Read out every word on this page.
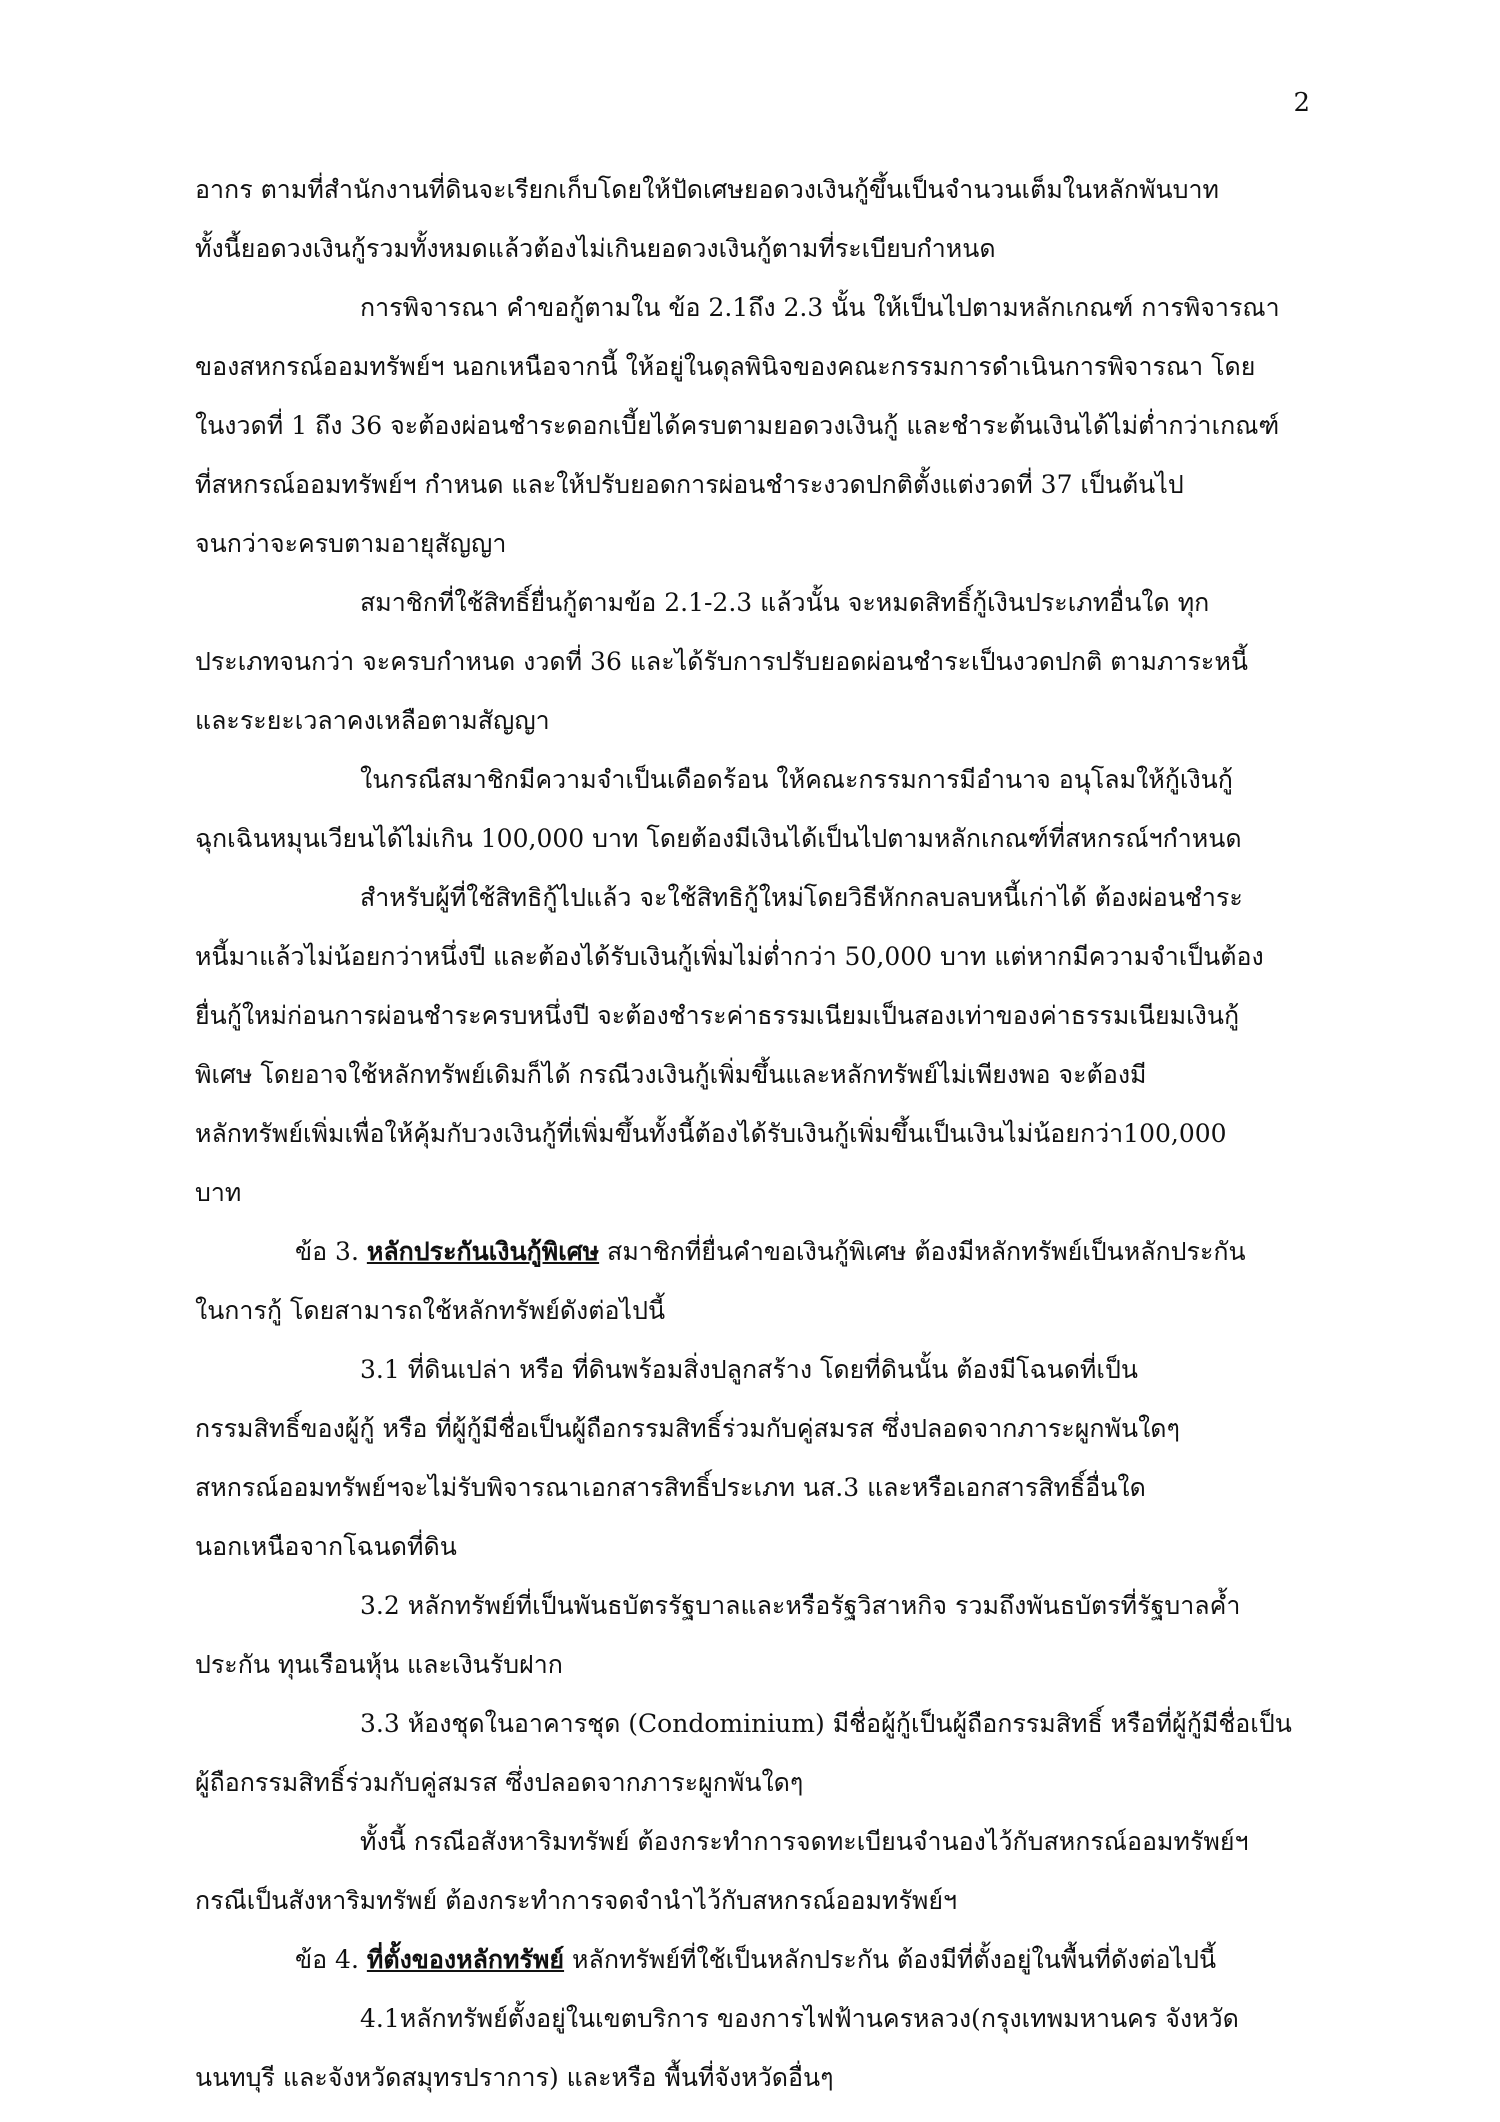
2
อากร ตามที่สำนักงานที่ดินจะเรียกเก็บโดยให้ปัดเศษยอดวงเงินกู้ขึ้นเป็นจำนวนเต็มในหลักพันบาท
ทั้งนี้ยอดวงเงินกู้รวมทั้งหมดแล้วต้องไม่เกินยอดวงเงินกู้ตามที่ระเบียบกำหนด
การพิจารณา คำขอกู้ตามใน ข้อ 2.1ถึง 2.3 นั้น ให้เป็นไปตามหลักเกณฑ์ การพิจารณา
ของสหกรณ์ออมทรัพย์ฯ นอกเหนือจากนี้ ให้อยู่ในดุลพินิจของคณะกรรมการดำเนินการพิจารณา โดย
ในงวดที่ 1 ถึง 36 จะต้องผ่อนชำระดอกเบี้ยได้ครบตามยอดวงเงินกู้ และชำระต้นเงินได้ไม่ต่ำกว่าเกณฑ์
ที่สหกรณ์ออมทรัพย์ฯ กำหนด และให้ปรับยอดการผ่อนชำระงวดปกติตั้งแต่งวดที่ 37 เป็นต้นไป
จนกว่าจะครบตามอายุสัญญา
สมาชิกที่ใช้สิทธิ์ยื่นกู้ตามข้อ 2.1-2.3 แล้วนั้น จะหมดสิทธิ์กู้เงินประเภทอื่นใด ทุก
ประเภทจนกว่า จะครบกำหนด งวดที่ 36 และได้รับการปรับยอดผ่อนชำระเป็นงวดปกติ ตามภาระหนี้
และระยะเวลาคงเหลือตามสัญญา
ในกรณีสมาชิกมีความจำเป็นเดือดร้อน ให้คณะกรรมการมีอำนาจ อนุโลมให้กู้เงินกู้
ฉุกเฉินหมุนเวียนได้ไม่เกิน 100,000 บาท โดยต้องมีเงินได้เป็นไปตามหลักเกณฑ์ที่สหกรณ์ฯกำหนด
สำหรับผู้ที่ใช้สิทธิกู้ไปแล้ว จะใช้สิทธิกู้ใหม่โดยวิธีหักกลบลบหนี้เก่าได้ ต้องผ่อนชำระ
หนี้มาแล้วไม่น้อยกว่าหนึ่งปี และต้องได้รับเงินกู้เพิ่มไม่ต่ำกว่า 50,000 บาท แต่หากมีความจำเป็นต้อง
ยื่นกู้ใหม่ก่อนการผ่อนชำระครบหนึ่งปี จะต้องชำระค่าธรรมเนียมเป็นสองเท่าของค่าธรรมเนียมเงินกู้
พิเศษ โดยอาจใช้หลักทรัพย์เดิมก็ได้ กรณีวงเงินกู้เพิ่มขึ้นและหลักทรัพย์ไม่เพียงพอ จะต้องมี
หลักทรัพย์เพิ่มเพื่อให้คุ้มกับวงเงินกู้ที่เพิ่มขึ้นทั้งนี้ต้องได้รับเงินกู้เพิ่มขึ้นเป็นเงินไม่น้อยกว่า100,000
บาท
ข้อ 3. หลักประกันเงินกู้พิเศษ สมาชิกที่ยื่นคำขอเงินกู้พิเศษ ต้องมีหลักทรัพย์เป็นหลักประกัน
ในการกู้ โดยสามารถใช้หลักทรัพย์ดังต่อไปนี้
3.1 ที่ดินเปล่า หรือ ที่ดินพร้อมสิ่งปลูกสร้าง โดยที่ดินนั้น ต้องมีโฉนดที่เป็น
กรรมสิทธิ์ของผู้กู้ หรือ ที่ผู้กู้มีชื่อเป็นผู้ถือกรรมสิทธิ์ร่วมกับคู่สมรส ซึ่งปลอดจากภาระผูกพันใดๆ
สหกรณ์ออมทรัพย์ฯจะไม่รับพิจารณาเอกสารสิทธิ์ประเภท นส.3 และหรือเอกสารสิทธิ์อื่นใด
นอกเหนือจากโฉนดที่ดิน
3.2 หลักทรัพย์ที่เป็นพันธบัตรรัฐบาลและหรือรัฐวิสาหกิจ รวมถึงพันธบัตรที่รัฐบาลค้ำ
ประกัน ทุนเรือนหุ้น และเงินรับฝาก
3.3 ห้องชุดในอาคารชุด (Condominium) มีชื่อผู้กู้เป็นผู้ถือกรรมสิทธิ์ หรือที่ผู้กู้มีชื่อเป็น
ผู้ถือกรรมสิทธิ์ร่วมกับคู่สมรส ซึ่งปลอดจากภาระผูกพันใดๆ
ทั้งนี้ กรณีอสังหาริมทรัพย์ ต้องกระทำการจดทะเบียนจำนองไว้กับสหกรณ์ออมทรัพย์ฯ
กรณีเป็นสังหาริมทรัพย์ ต้องกระทำการจดจำนำไว้กับสหกรณ์ออมทรัพย์ฯ
ข้อ 4. ที่ตั้งของหลักทรัพย์ หลักทรัพย์ที่ใช้เป็นหลักประกัน ต้องมีที่ตั้งอยู่ในพื้นที่ดังต่อไปนี้
4.1หลักทรัพย์ตั้งอยู่ในเขตบริการ ของการไฟฟ้านครหลวง(กรุงเทพมหานคร จังหวัด
นนทบุรี และจังหวัดสมุทรปราการ) และหรือ พื้นที่จังหวัดอื่นๆ
